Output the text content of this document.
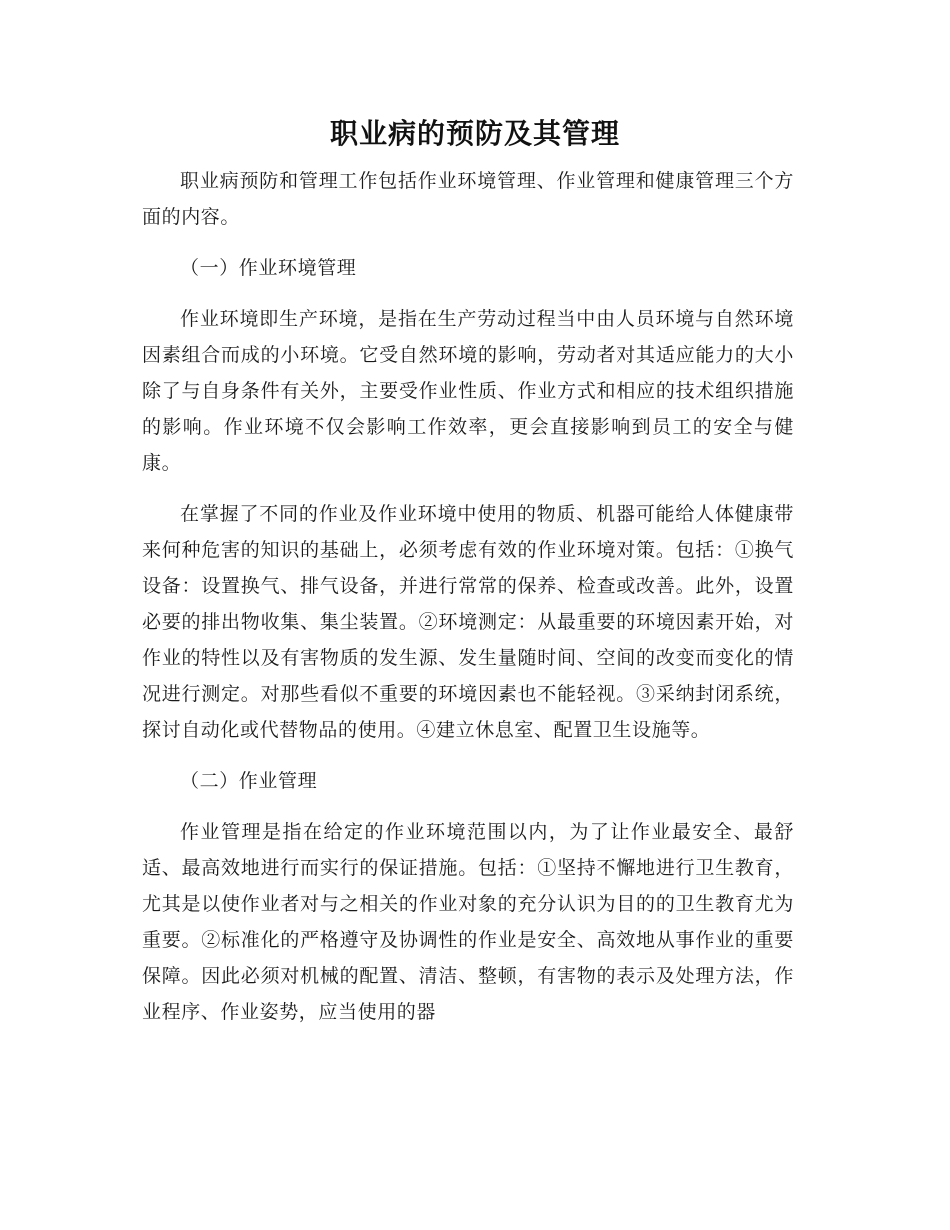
职业病的预防及其管理

职业病预防和管理工作包括作业环境管理、作业管理和健康管理三个方面的内容。

（一）作业环境管理

作业环境即生产环境，是指在生产劳动过程当中由人员环境与自然环境因素组合而成的小环境。它受自然环境的影响，劳动者对其适应能力的大小除了与自身条件有关外，主要受作业性质、作业方式和相应的技术组织措施的影响。作业环境不仅会影响工作效率，更会直接影响到员工的安全与健康。

在掌握了不同的作业及作业环境中使用的物质、机器可能给人体健康带来何种危害的知识的基础上，必须考虑有效的作业环境对策。包括：①换气设备：设置换气、排气设备，并进行常常的保养、检查或改善。此外，设置必要的排出物收集、集尘装置。②环境测定：从最重要的环境因素开始，对作业的特性以及有害物质的发生源、发生量随时间、空间的改变而变化的情况进行测定。对那些看似不重要的环境因素也不能轻视。③采纳封闭系统，探讨自动化或代替物品的使用。④建立休息室、配置卫生设施等。

（二）作业管理

作业管理是指在给定的作业环境范围以内，为了让作业最安全、最舒适、最高效地进行而实行的保证措施。包括：①坚持不懈地进行卫生教育，尤其是以使作业者对与之相关的作业对象的充分认识为目的的卫生教育尤为重要。②标准化的严格遵守及协调性的作业是安全、高效地从事作业的重要保障。因此必须对机械的配置、清洁、整顿，有害物的表示及处理方法，作业程序、作业姿势，应当使用的器
